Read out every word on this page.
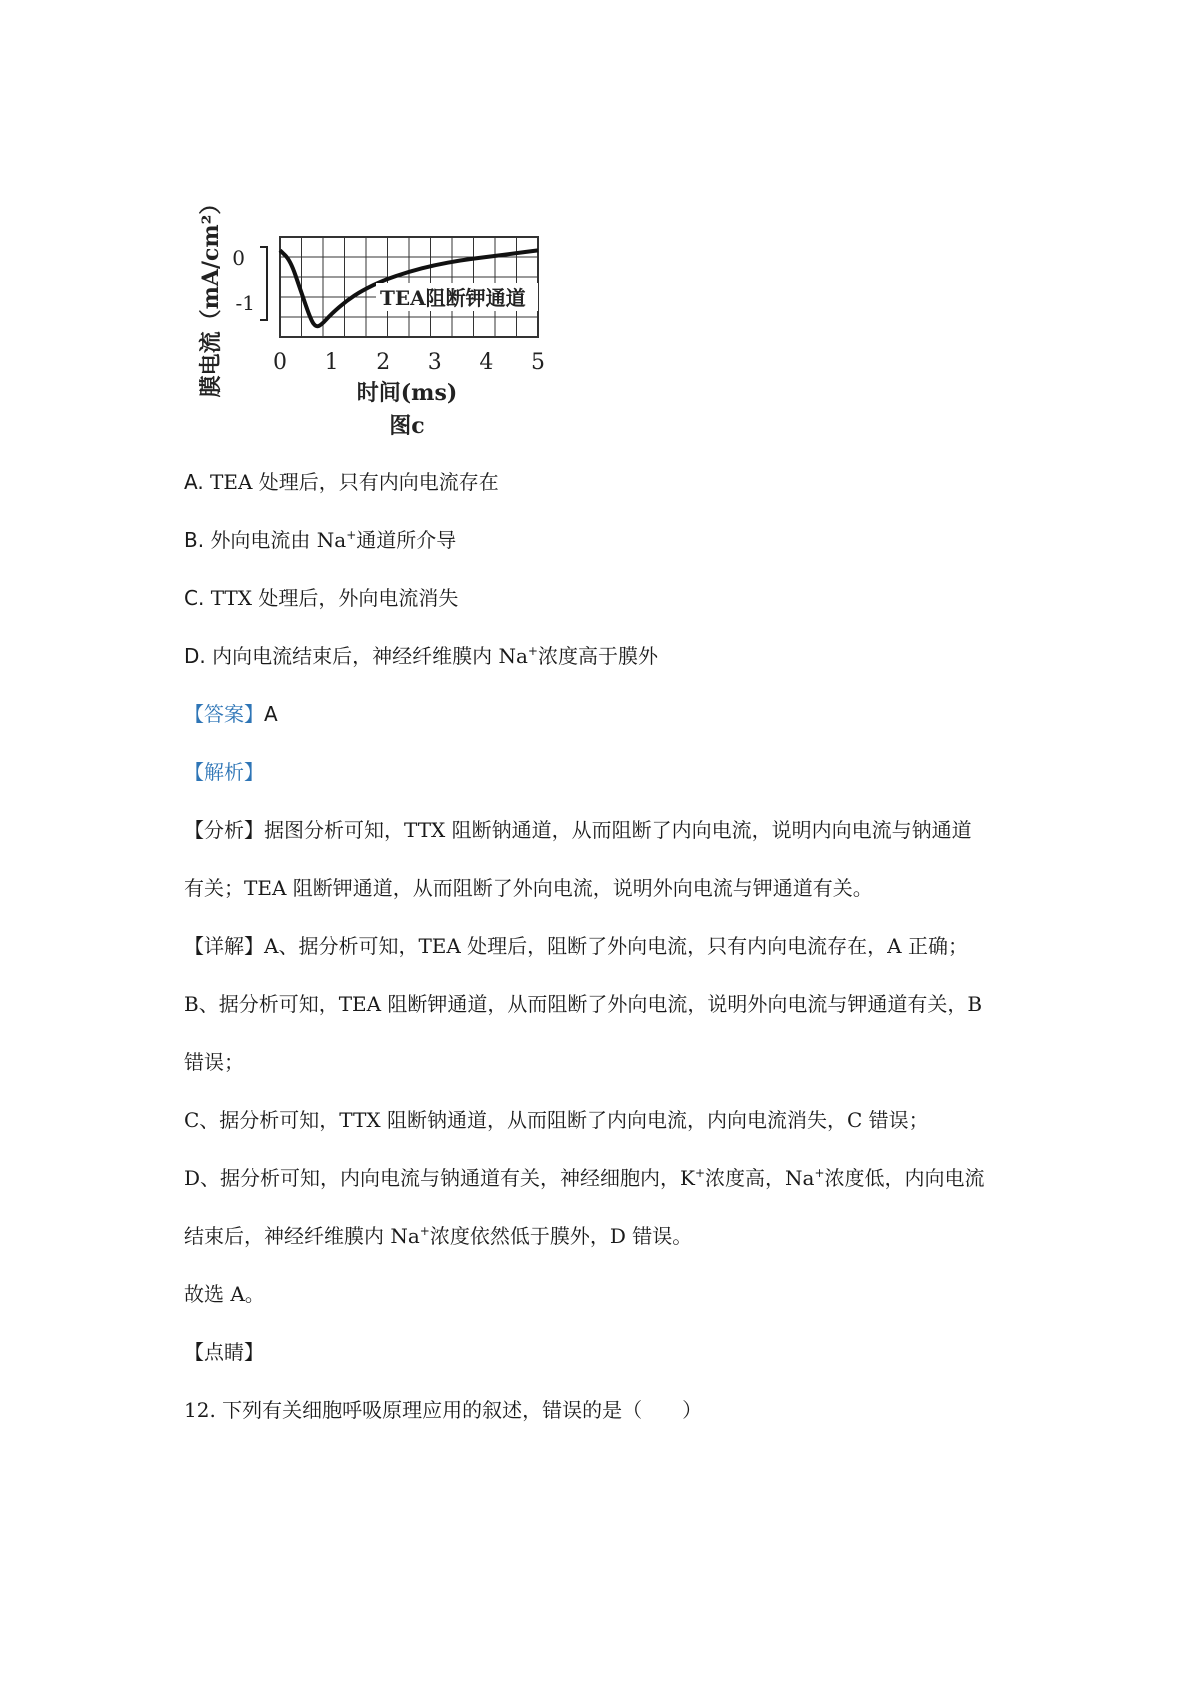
膜电流（mA/cm²） 0
-1	TEA阻断钾通道
0 1 2 3 4 5
时间(ms)
图c
A. TEA 处理后，只有内向电流存在
B. 外向电流由 Na+通道所介导
C. TTX 处理后，外向电流消失
D. 内向电流结束后，神经纤维膜内 Na+浓度高于膜外
【答案】A
【解析】
【分析】据图分析可知，TTX 阻断钠通道，从而阻断了内向电流，说明内向电流与钠通道
有关；TEA 阻断钾通道，从而阻断了外向电流，说明外向电流与钾通道有关。
【详解】A、据分析可知，TEA 处理后，阻断了外向电流，只有内向电流存在，A 正确；
B、据分析可知，TEA 阻断钾通道，从而阻断了外向电流，说明外向电流与钾通道有关，B
错误；
C、据分析可知，TTX 阻断钠通道，从而阻断了内向电流，内向电流消失，C 错误；
D、据分析可知，内向电流与钠通道有关，神经细胞内，K+浓度高，Na+浓度低，内向电流
结束后，神经纤维膜内 Na+浓度依然低于膜外，D 错误。
故选 A。
【点睛】
12. 下列有关细胞呼吸原理应用的叙述，错误的是（　　）
